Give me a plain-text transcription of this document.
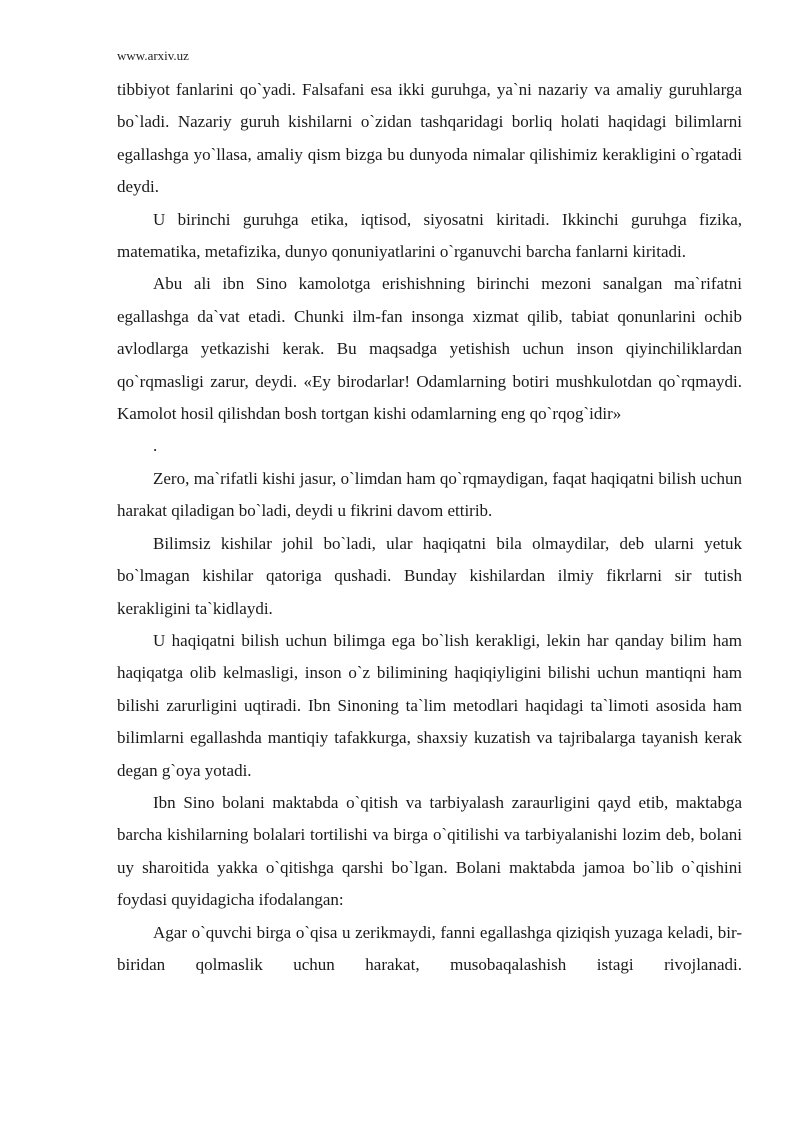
www.arxiv.uz

tibbiyot fanlarini qo`yadi. Falsafani esa ikki guruhga, ya`ni nazariy va amaliy guruhlarga bo`ladi. Nazariy guruh kishilarni o`zidan tashqaridagi borliq holati haqidagi bilimlarni egallashga yo`llasa, amaliy qism bizga bu dunyoda nimalar qilishimiz kerakligini o`rgatadi deydi.

U birinchi guruhga etika, iqtisod, siyosatni kiritadi. Ikkinchi guruhga fizika, matematika, metafizika, dunyo qonuniyatlarini o`rganuvchi barcha fanlarni kiritadi.

Abu ali ibn Sino kamolotga erishishning birinchi mezoni sanalgan ma`rifatni egallashga da`vat etadi. Chunki ilm-fan insonga xizmat qilib, tabiat qonunlarini ochib avlodlarga yetkazishi kerak. Bu maqsadga yetishish uchun inson qiyinchiliklardan qo`rqmasligi zarur, deydi. «Ey birodarlar! Odamlarning botiri mushkulotdan qo`rqmaydi. Kamolot hosil qilishdan bosh tortgan kishi odamlarning eng qo`rqog`idir»

.

Zero, ma`rifatli kishi jasur, o`limdan ham qo`rqmaydigan, faqat haqiqatni bilish uchun harakat qiladigan bo`ladi, deydi u fikrini davom ettirib.

Bilimsiz kishilar johil bo`ladi, ular haqiqatni bila olmaydilar, deb ularni yetuk bo`lmagan kishilar qatoriga qushadi. Bunday kishilardan ilmiy fikrlarni sir tutish kerakligini ta`kidlaydi.

U haqiqatni bilish uchun bilimga ega bo`lish kerakligi, lekin har qanday bilim ham haqiqatga olib kelmasligi, inson o`z bilimining haqiqiyligini bilishi uchun mantiqni ham bilishi zarurligini uqtiradi. Ibn Sinoning ta`lim metodlari haqidagi ta`limoti asosida ham bilimlarni egallashda mantiqiy tafakkurga, shaxsiy kuzatish va tajribalarga tayanish kerak degan g`oya yotadi.

Ibn Sino bolani maktabda o`qitish va tarbiyalash zaraurligini qayd etib, maktabga barcha kishilarning bolalari tortilishi va birga o`qitilishi va tarbiyalanishi lozim deb, bolani uy sharoitida yakka o`qitishga qarshi bo`lgan. Bolani maktabda jamoa bo`lib o`qishini foydasi quyidagicha ifodalangan:

Agar o`quvchi birga o`qisa u zerikmaydi, fanni egallashga qiziqish yuzaga keladi, bir-biridan qolmaslik uchun harakat, musobaqalashish istagi rivojlanadi.
